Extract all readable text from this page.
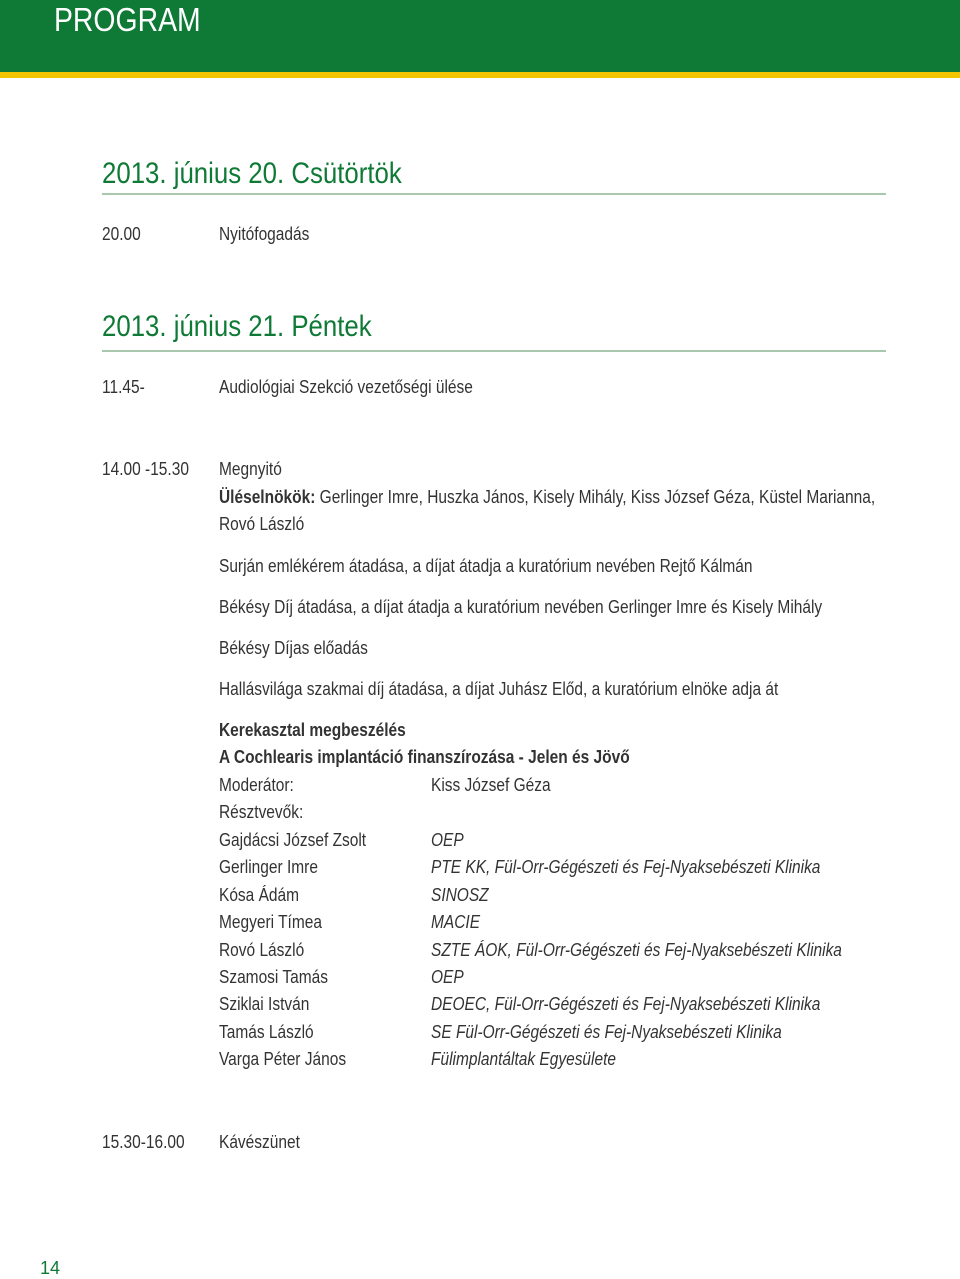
PROGRAM
2013. június 20. Csütörtök
20.00	Nyitófogadás
2013. június 21. Péntek
11.45-	Audiológiai Szekció vezetőségi ülése
14.00 -15.30 Megnyitó
Üléselnökök: Gerlinger Imre, Huszka János, Kisely Mihály, Kiss József Géza, Küstel Marianna,
Rovó László
Surján emlékérem átadása, a díjat átadja a kuratórium nevében Rejtő Kálmán
Békésy Díj átadása, a díjat átadja a kuratórium nevében Gerlinger Imre és Kisely Mihály
Békésy Díjas előadás
Hallásvilága szakmai díj átadása, a díjat Juhász Előd, a kuratórium elnöke adja át
Kerekasztal megbeszélés
A Cochlearis implantáció finanszírozása - Jelen és Jövő
Moderátor:	Kiss József Géza
Résztvevők:
Gajdácsi József Zsolt	OEP
Gerlinger Imre	PTE KK, Fül-Orr-Gégészeti és Fej-Nyaksebészeti Klinika
Kósa Ádám	SINOSZ
Megyeri Tímea	MACIE
Rovó László	SZTE ÁOK, Fül-Orr-Gégészeti és Fej-Nyaksebészeti Klinika
Szamosi Tamás	OEP
Sziklai István	DEOEC, Fül-Orr-Gégészeti és Fej-Nyaksebészeti Klinika
Tamás László	SE Fül-Orr-Gégészeti és Fej-Nyaksebészeti Klinika
Varga Péter János	Fülimplantáltak Egyesülete
15.30-16.00 Kávészünet
14
